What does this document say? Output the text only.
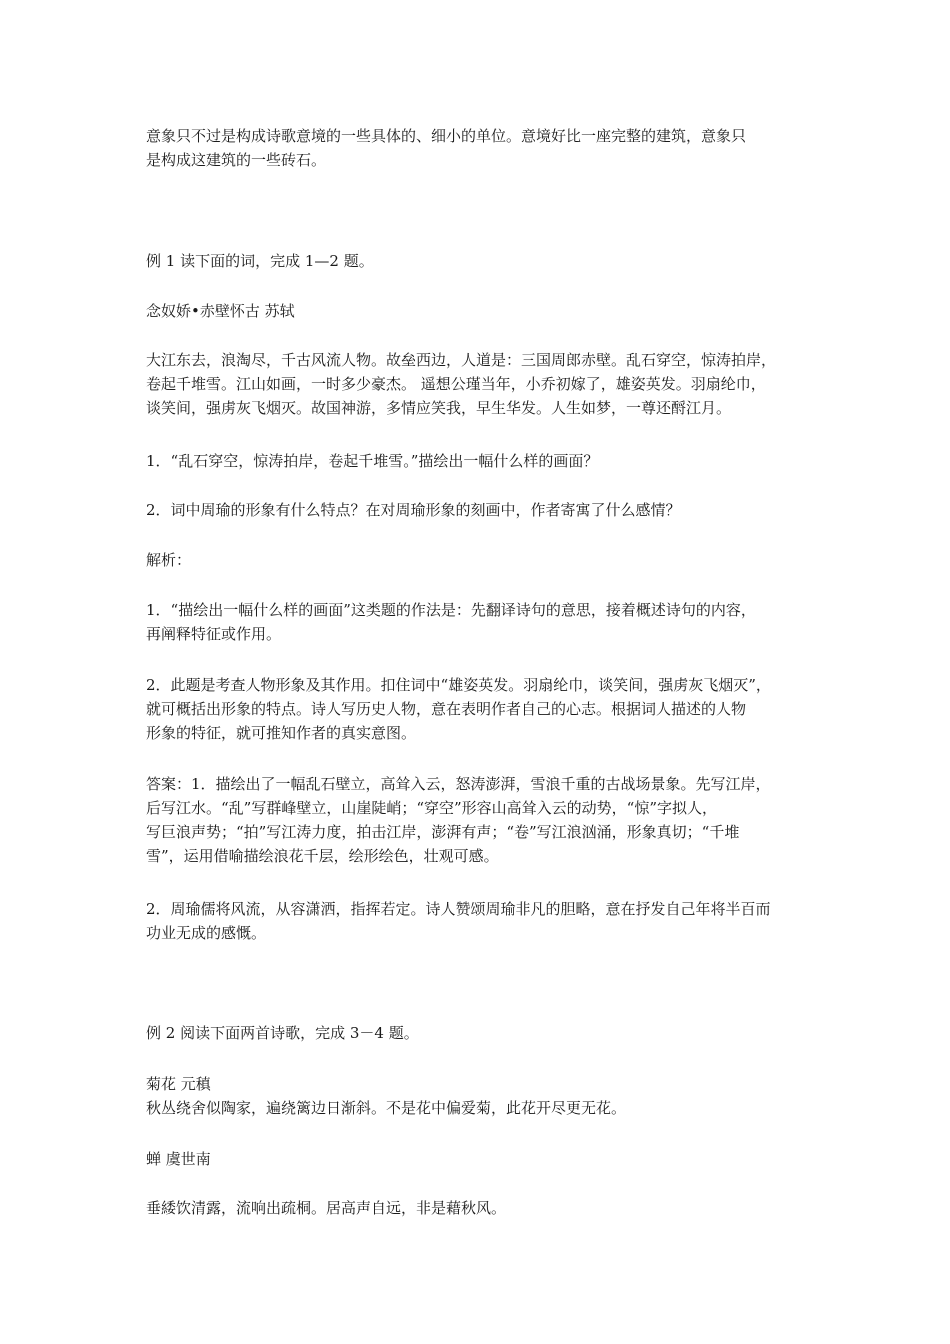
意象只不过是构成诗歌意境的一些具体的、细小的单位。意境好比一座完整的建筑，意象只
是构成这建筑的一些砖石。

例 1 读下面的词，完成 1—2 题。

念奴娇•赤壁怀古 苏轼

大江东去，浪淘尽，千古风流人物。故垒西边，人道是：三国周郎赤壁。乱石穿空，惊涛拍岸，
卷起千堆雪。江山如画，一时多少豪杰。 遥想公瑾当年，小乔初嫁了，雄姿英发。羽扇纶巾，
谈笑间，强虏灰飞烟灭。故国神游，多情应笑我，早生华发。人生如梦，一尊还酹江月。

1．“乱石穿空，惊涛拍岸，卷起千堆雪。”描绘出一幅什么样的画面？

2．词中周瑜的形象有什么特点？在对周瑜形象的刻画中，作者寄寓了什么感情？

解析：

1．“描绘出一幅什么样的画面”这类题的作法是：先翻译诗句的意思，接着概述诗句的内容，
再阐释特征或作用。

2．此题是考查人物形象及其作用。扣住词中“雄姿英发。羽扇纶巾，谈笑间，强虏灰飞烟灭”，
就可概括出形象的特点。诗人写历史人物，意在表明作者自己的心志。根据词人描述的人物
形象的特征，就可推知作者的真实意图。

答案：1．描绘出了一幅乱石壁立，高耸入云，怒涛澎湃，雪浪千重的古战场景象。先写江岸，
后写江水。“乱”写群峰壁立，山崖陡峭；“穿空”形容山高耸入云的动势，“惊”字拟人，
写巨浪声势；“拍”写江涛力度，拍击江岸，澎湃有声；“卷”写江浪汹涌，形象真切；“千堆
雪”，运用借喻描绘浪花千层，绘形绘色，壮观可感。

2．周瑜儒将风流，从容潇洒，指挥若定。诗人赞颂周瑜非凡的胆略，意在抒发自己年将半百而
功业无成的感慨。

例 2 阅读下面两首诗歌，完成 3－4 题。

菊花 元稹
秋丛绕舍似陶家，遍绕篱边日渐斜。不是花中偏爱菊，此花开尽更无花。

蝉 虞世南

垂緌饮清露，流响出疏桐。居高声自远，非是藉秋风。
